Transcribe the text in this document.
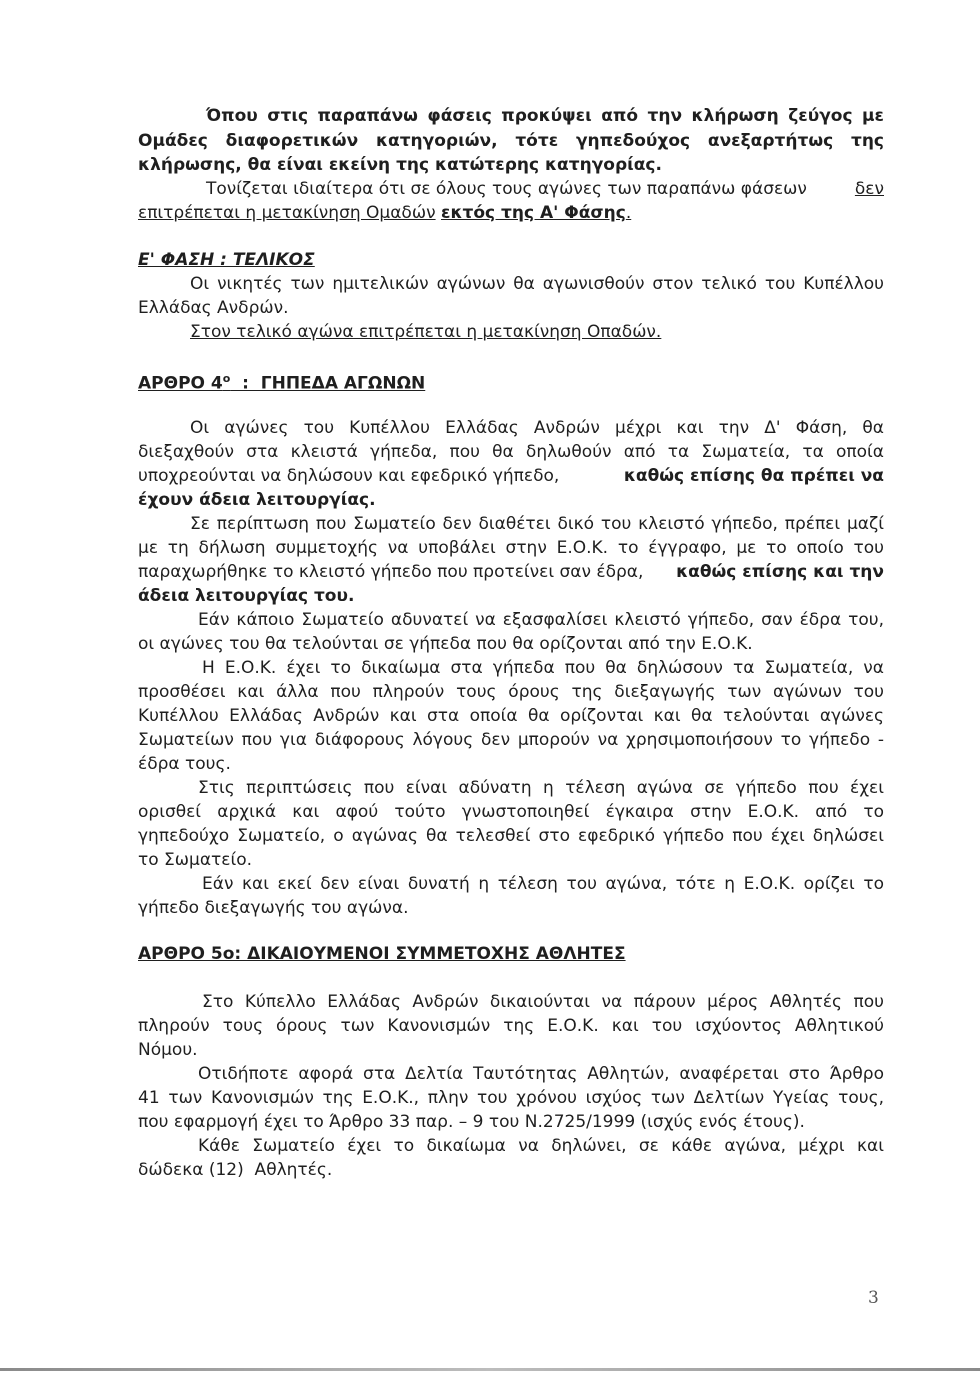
Όπου στις παραπάνω φάσεις προκύψει από την κλήρωση ζεύγος με
Ομάδες διαφορετικών κατηγοριών, τότε γηπεδούχος ανεξαρτήτως της
κλήρωσης, θα είναι εκείνη της κατώτερης κατηγορίας.
Τονίζεται ιδιαίτερα ότι σε όλους τους αγώνες των παραπάνω φάσεων	δεν
επιτρέπεται η μετακίνηση Ομαδών εκτός της Α' Φάσης.
Ε' ΦΑΣΗ : ΤΕΛΙΚΟΣ
Οι νικητές των ημιτελικών αγώνων θα αγωνισθούν στον τελικό του Κυπέλλου
Ελλάδας Ανδρών.
Στον τελικό αγώνα επιτρέπεται η μετακίνηση Οπαδών.
ΑΡΘΡΟ $4^o$  :  ΓΗΠΕΔΑ ΑΓΩΝΩΝ
Οι αγώνες του Κυπέλλου Ελλάδας Ανδρών μέχρι και την Δ' Φάση, θα
διεξαχθούν στα κλειστά γήπεδα, που θα δηλωθούν από τα Σωματεία, τα οποία
υποχρεούνται να δηλώσουν και εφεδρικό γήπεδο,	καθώς επίσης θα πρέπει να
έχουν άδεια λειτουργίας.
Σε περίπτωση που Σωματείο δεν διαθέτει δικό του κλειστό γήπεδο, πρέπει μαζί
με τη δήλωση συμμετοχής να υποβάλει στην Ε.Ο.Κ. το έγγραφο, με το οποίο του
παραχωρήθηκε το κλειστό γήπεδο που προτείνει σαν έδρα, καθώς επίσης και την
άδεια λειτουργίας του.
Εάν κάποιο Σωματείο αδυνατεί να εξασφαλίσει κλειστό γήπεδο, σαν έδρα του,
οι αγώνες του θα τελούνται σε γήπεδα που θα ορίζονται από την Ε.Ο.Κ.
Η Ε.Ο.Κ. έχει το δικαίωμα στα γήπεδα που θα δηλώσουν τα Σωματεία, να
προσθέσει και άλλα που πληρούν τους όρους της διεξαγωγής των αγώνων του
Κυπέλλου Ελλάδας Ανδρών και στα οποία θα ορίζονται και θα τελούνται αγώνες
Σωματείων που για διάφορους λόγους δεν μπορούν να χρησιμοποιήσουν το γήπεδο -
έδρα τους.
Στις περιπτώσεις που είναι αδύνατη η τέλεση αγώνα σε γήπεδο που έχει
ορισθεί αρχικά και αφού τούτο γνωστοποιηθεί έγκαιρα στην Ε.Ο.Κ. από το
γηπεδούχο Σωματείο, ο αγώνας θα τελεσθεί στο εφεδρικό γήπεδο που έχει δηλώσει
το Σωματείο.
Εάν και εκεί δεν είναι δυνατή η τέλεση του αγώνα, τότε η Ε.Ο.Κ. ορίζει το
γήπεδο διεξαγωγής του αγώνα.
ΑΡΘΡΟ 5ο: ΔΙΚΑΙΟΥΜΕΝΟΙ ΣΥΜΜΕΤΟΧΗΣ ΑΘΛΗΤΕΣ
Στο Κύπελλο Ελλάδας Ανδρών δικαιούνται να πάρουν μέρος Αθλητές που
πληρούν τους όρους των Κανονισμών της Ε.Ο.Κ. και του ισχύοντος Αθλητικού
Νόμου.
Οτιδήποτε αφορά στα Δελτία Ταυτότητας Αθλητών, αναφέρεται στο Άρθρο
41 των Κανονισμών της Ε.Ο.Κ., πλην του χρόνου ισχύος των Δελτίων Υγείας τους,
που εφαρμογή έχει το Άρθρο 33 παρ. – 9 του Ν.2725/1999 (ισχύς ενός έτους).
Κάθε Σωματείο έχει το δικαίωμα να δηλώνει, σε κάθε αγώνα, μέχρι και
δώδεκα (12)  Αθλητές.
3
